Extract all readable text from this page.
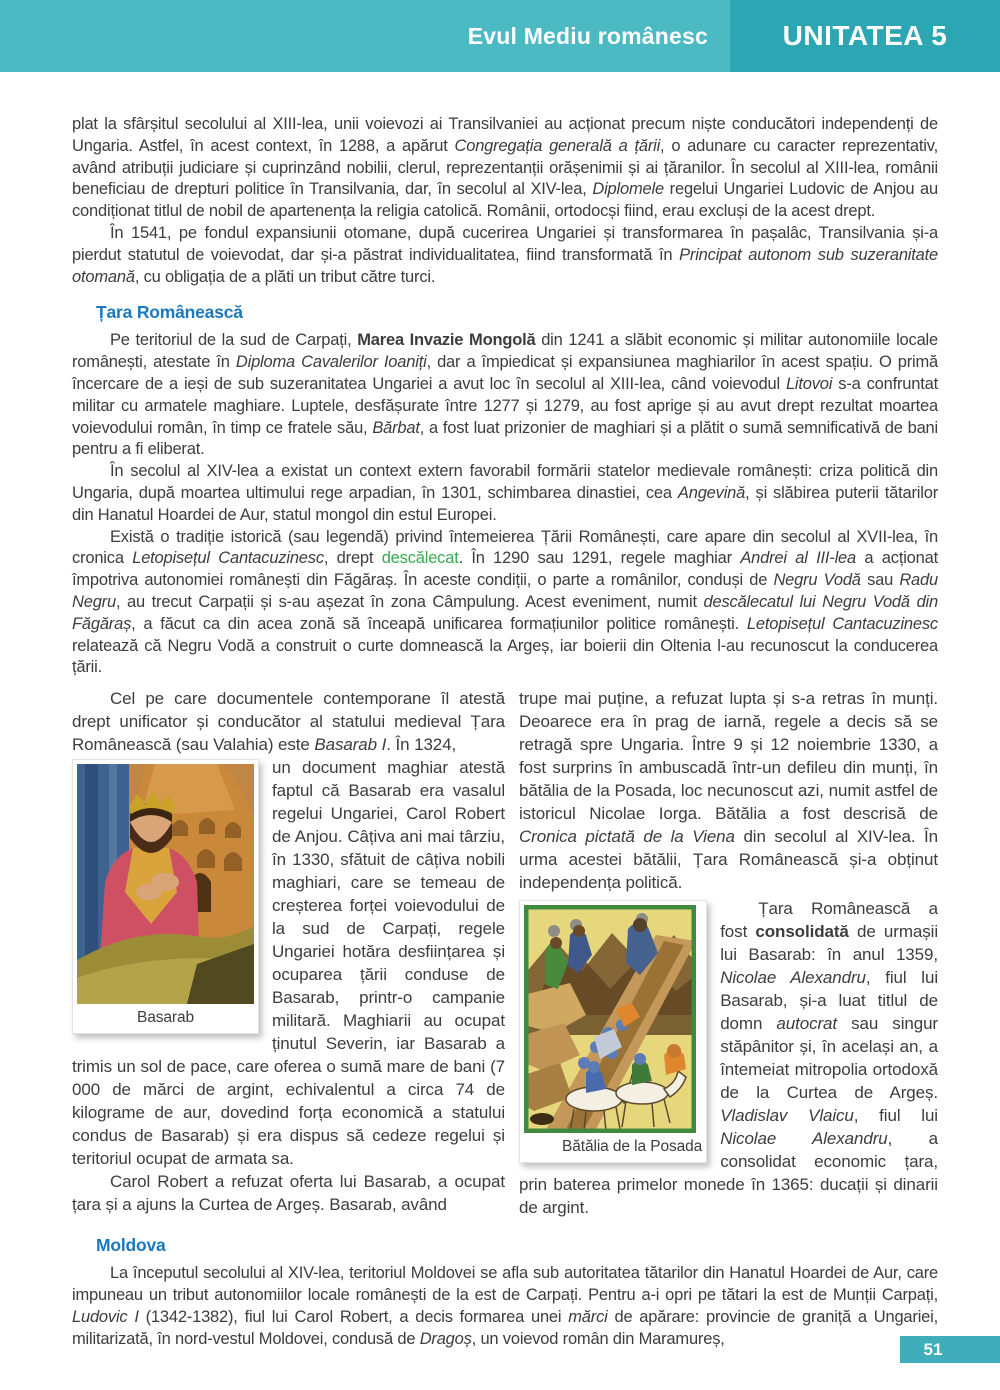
Evul Mediu românesc	UNITATEA 5

plat la sfârșitul secolului al XIII-lea, unii voievozi ai Transilvaniei au acționat precum niște conducători independenți de Ungaria. Astfel, în acest context, în 1288, a apărut Congregația generală a țării, o adunare cu caracter reprezentativ, având atribuții judiciare și cuprinzând nobilii, clerul, reprezentanții orășenimii și ai țăranilor. În secolul al XIII-lea, românii beneficiau de drepturi politice în Transilvania, dar, în secolul al XIV-lea, Diplomele regelui Ungariei Ludovic de Anjou au condiționat titlul de nobil de apartenența la religia catolică. Românii, ortodocși fiind, erau excluși de la acest drept.

În 1541, pe fondul expansiunii otomane, după cucerirea Ungariei și transformarea în pașalâc, Transilvania și-a pierdut statutul de voievodat, dar și-a păstrat individualitatea, fiind transformată în Principat autonom sub suzeranitate otomană, cu obligația de a plăti un tribut către turci.

Țara Românească

Pe teritoriul de la sud de Carpați, Marea Invazie Mongolă din 1241 a slăbit economic și militar autonomiile locale românești, atestate în Diploma Cavalerilor Ioaniți, dar a împiedicat și expansiunea maghiarilor în acest spațiu. O primă încercare de a ieși de sub suzeranitatea Ungariei a avut loc în secolul al XIII-lea, când voievodul Litovoi s-a confruntat militar cu armatele maghiare. Luptele, desfășurate între 1277 și 1279, au fost aprige și au avut drept rezultat moartea voievodului român, în timp ce fratele său, Bărbat, a fost luat prizonier de maghiari și a plătit o sumă semnificativă de bani pentru a fi eliberat.

În secolul al XIV-lea a existat un context extern favorabil formării statelor medievale românești: criza politică din Ungaria, după moartea ultimului rege arpadian, în 1301, schimbarea dinastiei, cea Angevină, și slăbirea puterii tătarilor din Hanatul Hoardei de Aur, statul mongol din estul Europei.

Există o tradiție istorică (sau legendă) privind întemeierea Țării Românești, care apare din secolul al XVII-lea, în cronica Letopisețul Cantacuzinesc, drept descălecat. În 1290 sau 1291, regele maghiar Andrei al III-lea a acționat împotriva autonomiei românești din Făgăraș. În aceste condiții, o parte a românilor, conduși de Negru Vodă sau Radu Negru, au trecut Carpații și s-au așezat în zona Câmpulung. Acest eveniment, numit descălecatul lui Negru Vodă din Făgăraș, a făcut ca din acea zonă să înceapă unificarea formațiunilor politice românești. Letopisețul Cantacuzinesc relatează că Negru Vodă a construit o curte domnească la Argeș, iar boierii din Oltenia l-au recunoscut la conducerea țării.

Cel pe care documentele contemporane îl atestă drept unificator și conducător al statului medieval Țara Românească (sau Valahia) este Basarab I. În 1324,

Basarab
un document maghiar atestă faptul că Basarab era vasalul regelui Ungariei, Carol Robert de Anjou. Câțiva ani mai târziu, în 1330, sfătuit de câțiva nobili maghiari, care se temeau de creșterea forței voievodului de la sud de Carpați, regele Ungariei hotăra desființarea și ocuparea țării conduse de Basarab, printr-o campanie militară. Maghiarii au ocupat ținutul Severin, iar Basarab a trimis un sol de pace, care oferea o sumă mare de bani (7 000 de mărci de argint, echivalentul a circa 74 de kilograme de aur, dovedind forța economică a statului condus de Basarab) și era dispus să cedeze regelui și teritoriul ocupat de armata sa.

Carol Robert a refuzat oferta lui Basarab, a ocupat țara și a ajuns la Curtea de Argeș. Basarab, având

trupe mai puține, a refuzat lupta și s-a retras în munți. Deoarece era în prag de iarnă, regele a decis să se retragă spre Ungaria. Între 9 și 12 noiembrie 1330, a fost surprins în ambuscadă într-un defileu din munți, în bătălia de la Posada, loc necunoscut azi, numit astfel de istoricul Nicolae Iorga. Bătălia a fost descrisă de Cronica pictată de la Viena din secolul al XIV-lea. În urma acestei bătălii, Țara Românească și-a obținut independența politică.

Bătălia de la Posada
Țara Românească a fost consolidată de urmașii lui Basarab: în anul 1359, Nicolae Alexandru, fiul lui Basarab, și-a luat titlul de domn autocrat sau singur stăpânitor și, în același an, a întemeiat mitropolia ortodoxă de la Curtea de Argeș. Vladislav Vlaicu, fiul lui Nicolae Alexandru, a consolidat economic țara, prin baterea primelor monede în 1365: ducații și dinarii de argint.

Moldova

La începutul secolului al XIV-lea, teritoriul Moldovei se afla sub autoritatea tătarilor din Hanatul Hoardei de Aur, care impuneau un tribut autonomiilor locale românești de la est de Carpați. Pentru a-i opri pe tătari la est de Munții Carpați, Ludovic I (1342-1382), fiul lui Carol Robert, a decis formarea unei mărci de apărare: provincie de graniță a Ungariei, militarizată, în nord-vestul Moldovei, condusă de Dragoș, un voievod român din Maramureș,

51
